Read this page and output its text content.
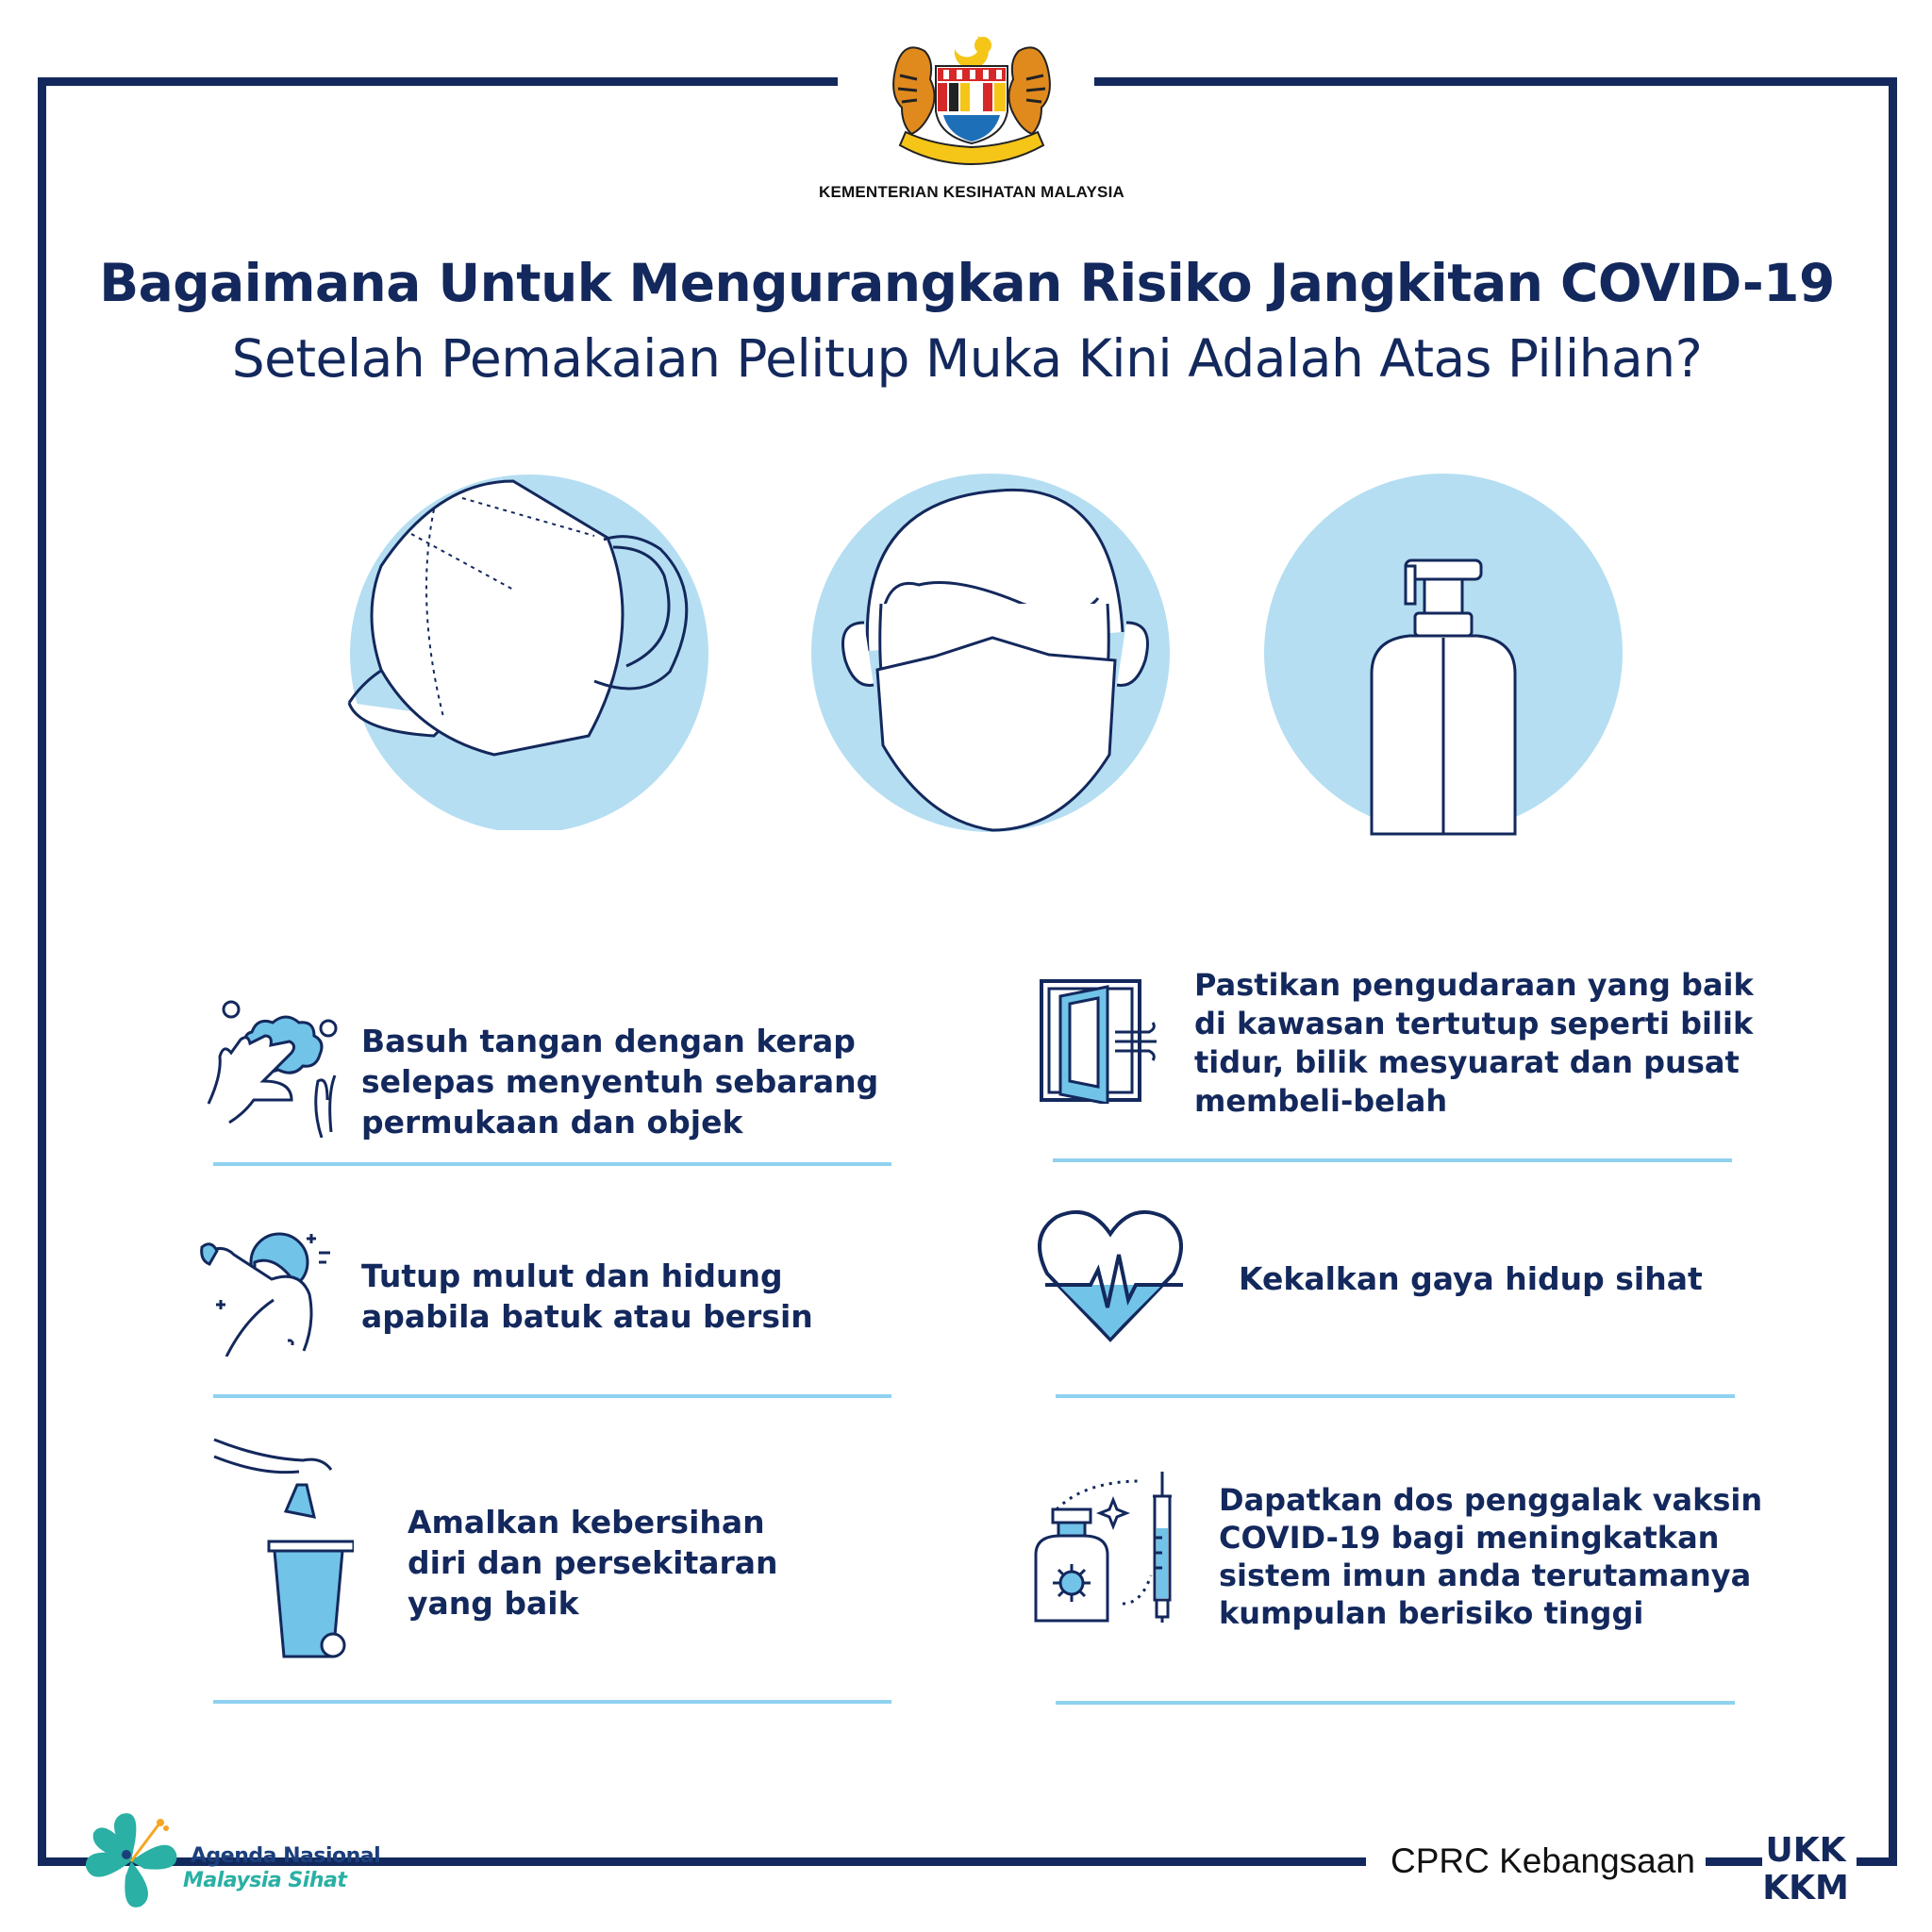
KEMENTERIAN KESIHATAN MALAYSIA
Bagaimana Untuk Mengurangkan Risiko Jangkitan COVID-19
Setelah Pemakaian Pelitup Muka Kini Adalah Atas Pilihan?
Basuh tangan dengan kerap
selepas menyentuh sebarang
permukaan dan objek
Tutup mulut dan hidung
apabila batuk atau bersin
Amalkan kebersihan
diri dan persekitaran
yang baik
Pastikan pengudaraan yang baik
di kawasan tertutup seperti bilik
tidur, bilik mesyuarat dan pusat
membeli-belah
Kekalkan gaya hidup sihat
Dapatkan dos penggalak vaksin
COVID-19 bagi meningkatkan
sistem imun anda terutamanya
kumpulan berisiko tinggi
Agenda Nasional
Malaysia Sihat
CPRC Kebangsaan UKK
KKM
